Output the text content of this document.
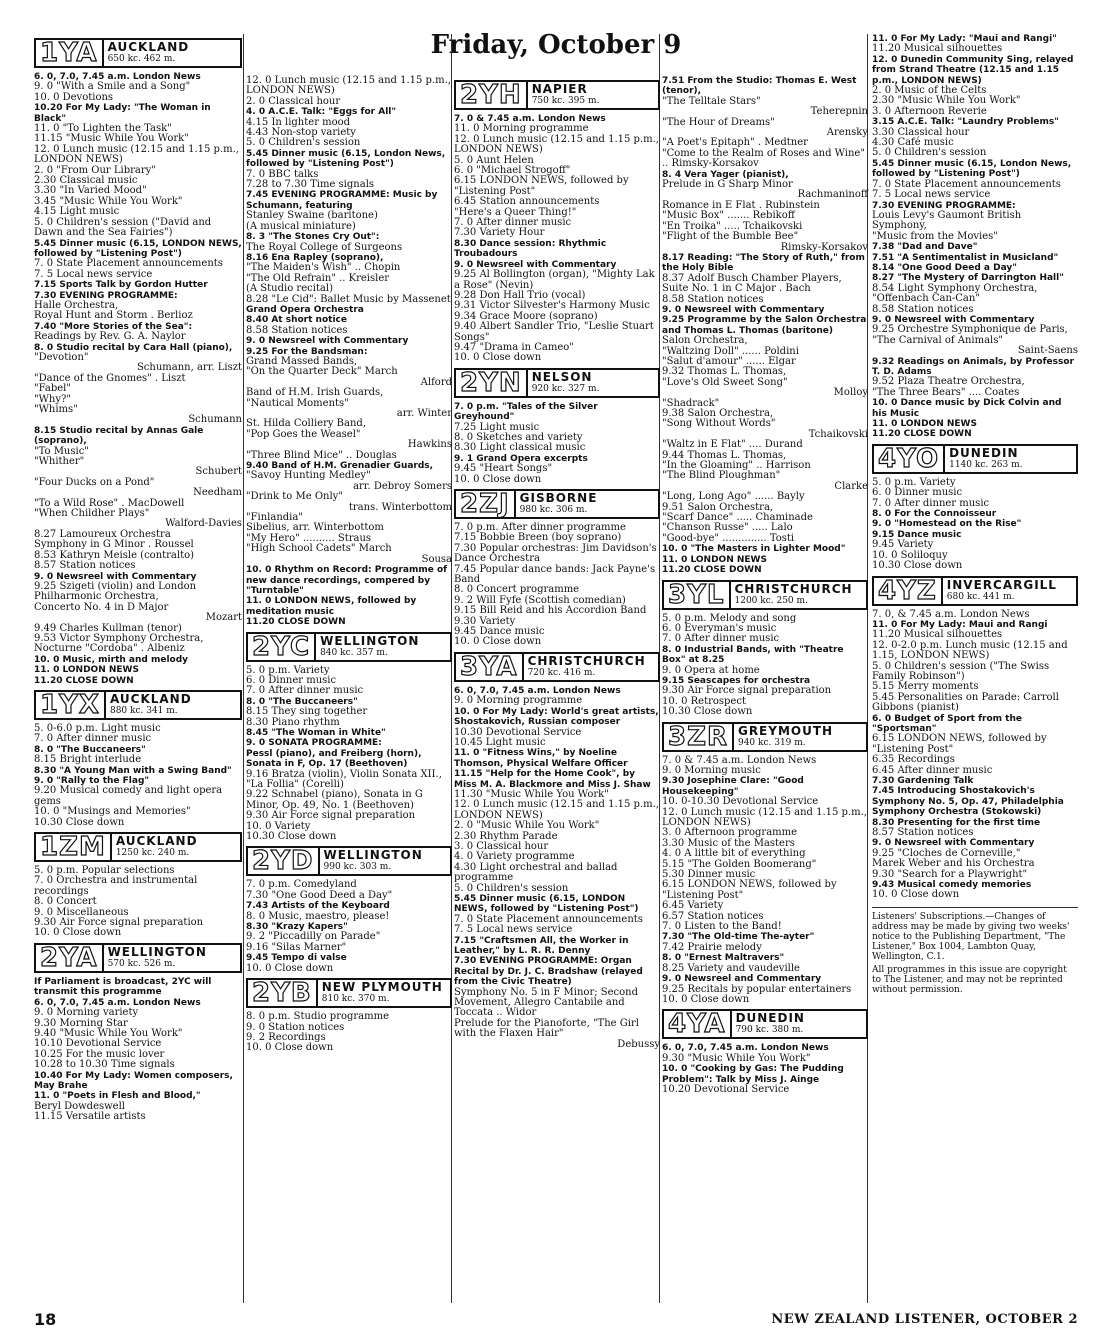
Friday, October 9
1YA AUCKLAND
650 kc. 462 m.
6. 0, 7.0, 7.45 a.m. London News
9. 0 "With a Smile and a Song"
10. 0 Devotions
10.20 For My Lady: "The Woman in Black"
11. 0 "To Lighten the Task"
11.15 "Music While You Work"
12. 0 Lunch music (12.15 and 1.15 p.m., LONDON NEWS)
2. 0 "From Our Library"
2.30 Classical music
3.30 "In Varied Mood"
3.45 "Music While You Work"
4.15 Light music
5. 0 Children's session ("David and Dawn and the Sea Fairies")
5.45 Dinner music (6.15, LONDON NEWS, followed by "Listening Post")
7. 0 State Placement announcements
7. 5 Local news service
7.15 Sports Talk by Gordon Hutter
7.30 EVENING PROGRAMME:
Halle Orchestra,
Royal Hunt and Storm . Berlioz
7.40 "More Stories of the Sea":
Readings by Rev. G. A. Naylor
8. 0 Studio recital by Cara Hall (piano),
"Devotion"
Schumann, arr. Liszt
"Dance of the Gnomes" . Liszt
"Fabel"
"Why?"
"Whims"
Schumann
8.15 Studio recital by Annas Gale (soprano),
"To Music"
"Whither"
Schubert
"Four Ducks on a Pond"
Needham
"To a Wild Rose" . MacDowell
"When Childher Plays"
Walford-Davies
8.27 Lamoureux Orchestra
Symphony in G Minor . Roussel
8.53 Kathryn Meisle (contralto)
8.57 Station notices
9. 0 Newsreel with Commentary
9.25 Szigeti (violin) and London Philharmonic Orchestra,
Concerto No. 4 in D Major
Mozart
9.49 Charles Kullman (tenor)
9.53 Victor Symphony Orchestra,
Nocturne "Cordoba" . Albeniz
10. 0 Music, mirth and melody
11. 0 LONDON NEWS
11.20 CLOSE DOWN
1YX AUCKLAND
880 kc. 341 m.
5. 0-6.0 p.m. Light music
7. 0 After dinner music
8. 0 "The Buccaneers"
8.15 Bright interlude
8.30 "A Young Man with a Swing Band"
9. 0 "Rally to the Flag"
9.20 Musical comedy and light opera gems
10. 0 "Musings and Memories"
10.30 Close down
1ZM AUCKLAND
1250 kc. 240 m.
5. 0 p.m. Popular selections
7. 0 Orchestra and instrumental recordings
8. 0 Concert
9. 0 Miscellaneous
9.30 Air Force signal preparation
10. 0 Close down
2YA WELLINGTON
570 kc. 526 m.
If Parliament is broadcast, 2YC will transmit this programme
6. 0, 7.0, 7.45 a.m. London News
9. 0 Morning variety
9.30 Morning Star
9.40 "Music While You Work"
10.10 Devotional Service
10.25 For the music lover
10.28 to 10.30 Time signals
10.40 For My Lady: Women composers, May Brahe
11. 0 "Poets in Flesh and Blood,"
Beryl Dowdeswell
11.15 Versatile artists
12. 0 Lunch music (12.15 and 1.15 p.m., LONDON NEWS)
2. 0 Classical hour
4. 0 A.C.E. Talk: "Eggs for All"
4.15 In lighter mood
4.43 Non-stop variety
5. 0 Children's session
5.45 Dinner music (6.15, London News, followed by "Listening Post")
7. 0 BBC talks
7.28 to 7.30 Time signals
7.45 EVENING PROGRAMME: Music by Schumann, featuring
Stanley Swaine (baritone)
(A musical miniature)
8. 3 "The Stones Cry Out":
The Royal College of Surgeons
8.16 Ena Rapley (soprano),
"The Maiden's Wish" .. Chopin
"The Old Refrain" .. Kreisler
(A Studio recital)
8.28 "Le Cid": Ballet Music by Massenet
Grand Opera Orchestra
8.40 At short notice
8.58 Station notices
9. 0 Newsreel with Commentary
9.25 For the Bandsman:
Grand Massed Bands,
"On the Quarter Deck" March
Alford
Band of H.M. Irish Guards,
"Nautical Moments"
arr. Winter
St. Hilda Colliery Band,
"Pop Goes the Weasel"
Hawkins
"Three Blind Mice" .. Douglas
9.40 Band of H.M. Grenadier Guards,
"Savoy Hunting Medley"
arr. Debroy Somers
"Drink to Me Only"
trans. Winterbottom
"Finlandia"
Sibelius, arr. Winterbottom
"My Hero" .......... Straus
"High School Cadets" March
Sousa
10. 0 Rhythm on Record: Programme of new dance recordings, compered by "Turntable"
11. 0 LONDON NEWS, followed by meditation music
11.20 CLOSE DOWN
2YC WELLINGTON
840 kc. 357 m.
5. 0 p.m. Variety
6. 0 Dinner music
7. 0 After dinner music
8. 0 "The Buccaneers"
8.15 They sing together
8.30 Piano rhythm
8.45 "The Woman in White"
9. 0 SONATA PROGRAMME:
Pessl (piano), and Freiberg (horn), Sonata in F, Op. 17 (Beethoven)
9.16 Bratza (violin), Violin Sonata XII., "La Follia" (Corelli)
9.22 Schnabel (piano), Sonata in G Minor, Op. 49, No. 1 (Beethoven)
9.30 Air Force signal preparation
10. 0 Variety
10.30 Close down
2YD WELLINGTON
990 kc. 303 m.
7. 0 p.m. Comedyland
7.30 "One Good Deed a Day"
7.43 Artists of the Keyboard
8. 0 Music, maestro, please!
8.30 "Krazy Kapers"
9. 2 "Piccadilly on Parade"
9.16 "Silas Marner"
9.45 Tempo di valse
10. 0 Close down
2YB NEW PLYMOUTH
810 kc. 370 m.
8. 0 p.m. Studio programme
9. 0 Station notices
9. 2 Recordings
10. 0 Close down
2YH NAPIER
750 kc. 395 m.
7. 0 & 7.45 a.m. London News
11. 0 Morning programme
12. 0 Lunch music (12.15 and 1.15 p.m., LONDON NEWS)
5. 0 Aunt Helen
6. 0 "Michael Strogoff"
6.15 LONDON NEWS, followed by "Listening Post"
6.45 Station announcements
"Here's a Queer Thing!"
7. 0 After dinner music
7.30 Variety Hour
8.30 Dance session: Rhythmic Troubadours
9. 0 Newsreel with Commentary
9.25 Al Bollington (organ), "Mighty Lak a Rose" (Nevin)
9.28 Don Hall Trio (vocal)
9.31 Victor Silvester's Harmony Music
9.34 Grace Moore (soprano)
9.40 Albert Sandler Trio, "Leslie Stuart Songs"
9.47 "Drama in Cameo"
10. 0 Close down
2YN NELSON
920 kc. 327 m.
7. 0 p.m. "Tales of the Silver Greyhound"
7.25 Light music
8. 0 Sketches and variety
8.30 Light classical music
9. 1 Grand Opera excerpts
9.45 "Heart Songs"
10. 0 Close down
2ZJ GISBORNE
980 kc. 306 m.
7. 0 p.m. After dinner programme
7.15 Bobbie Breen (boy soprano)
7.30 Popular orchestras: Jim Davidson's Dance Orchestra
7.45 Popular dance bands: Jack Payne's Band
8. 0 Concert programme
9. 2 Will Fyfe (Scottish comedian)
9.15 Bill Reid and his Accordion Band
9.30 Variety
9.45 Dance music
10. 0 Close down
3YA CHRISTCHURCH
720 kc. 416 m.
6. 0, 7.0, 7.45 a.m. London News
9. 0 Morning programme
10. 0 For My Lady: World's great artists, Shostakovich, Russian composer
10.30 Devotional Service
10.45 Light music
11. 0 "Fitness Wins," by Noeline Thomson, Physical Welfare Officer
11.15 "Help for the Home Cook", by Miss M. A. Blackmore and Miss J. Shaw
11.30 "Music While You Work"
12. 0 Lunch music (12.15 and 1.15 p.m., LONDON NEWS)
2. 0 "Music While You Work"
2.30 Rhythm Parade
3. 0 Classical hour
4. 0 Variety programme
4.30 Light orchestral and ballad programme
5. 0 Children's session
5.45 Dinner music (6.15, LONDON NEWS, followed by "Listening Post")
7. 0 State Placement announcements
7. 5 Local news service
7.15 "Craftsmen All, the Worker in Leather," by L. R. R. Denny
7.30 EVENING PROGRAMME: Organ Recital by Dr. J. C. Bradshaw (relayed from the Civic Theatre)
Symphony No. 5 in F Minor; Second Movement, Allegro Cantabile and Toccata .. Widor
Prelude for the Pianoforte, "The Girl with the Flaxen Hair"
Debussy
7.51 From the Studio: Thomas E. West (tenor),
"The Telltale Stars"
Teherepnin
"The Hour of Dreams"
Arensky
"A Poet's Epitaph" . Medtner
"Come to the Realm of Roses and Wine" .. Rimsky-Korsakov
8. 4 Vera Yager (pianist),
Prelude in G Sharp Minor
Rachmaninoff
Romance in E Flat . Rubinstein
"Music Box" ....... Rebikoff
"En Troika" ..... Tchaikovski
"Flight of the Bumble Bee"
Rimsky-Korsakov
8.17 Reading: "The Story of Ruth," from the Holy Bible
8.37 Adolf Busch Chamber Players,
Suite No. 1 in C Major . Bach
8.58 Station notices
9. 0 Newsreel with Commentary
9.25 Programme by the Salon Orchestra and Thomas L. Thomas (baritone)
Salon Orchestra,
"Waltzing Doll" ...... Poldini
"Salut d'amour" ...... Elgar
9.32 Thomas L. Thomas,
"Love's Old Sweet Song"
Molloy
"Shadrack"
9.38 Salon Orchestra,
"Song Without Words"
Tchaikovski
"Waltz in E Flat" .... Durand
9.44 Thomas L. Thomas,
"In the Gloaming" .. Harrison
"The Blind Ploughman"
Clarke
"Long, Long Ago" ...... Bayly
9.51 Salon Orchestra,
"Scarf Dance" ..... Chaminade
"Chanson Russe" ..... Lalo
"Good-bye" .............. Tosti
10. 0 "The Masters in Lighter Mood"
11. 0 LONDON NEWS
11.20 CLOSE DOWN
3YL CHRISTCHURCH
1200 kc. 250 m.
5. 0 p.m. Melody and song
6. 0 Everyman's music
7. 0 After dinner music
8. 0 Industrial Bands, with "Theatre Box" at 8.25
9. 0 Opera at home
9.15 Seascapes for orchestra
9.30 Air Force signal preparation
10. 0 Retrospect
10.30 Close down
3ZR GREYMOUTH
940 kc. 319 m.
7. 0 & 7.45 a.m. London News
9. 0 Morning music
9.30 Josephine Clare: "Good Housekeeping"
10. 0-10.30 Devotional Service
12. 0 Lunch music (12.15 and 1.15 p.m., LONDON NEWS)
3. 0 Afternoon programme
3.30 Music of the Masters
4. 0 A little bit of everything
5.15 "The Golden Boomerang"
5.30 Dinner music
6.15 LONDON NEWS, followed by "Listening Post"
6.45 Variety
6.57 Station notices
7. 0 Listen to the Band!
7.30 "The Old-time The-ayter"
7.42 Prairie melody
8. 0 "Ernest Maltravers"
8.25 Variety and vaudeville
9. 0 Newsreel and Commentary
9.25 Recitals by popular entertainers
10. 0 Close down
4YA DUNEDIN
790 kc. 380 m.
6. 0, 7.0, 7.45 a.m. London News
9.30 "Music While You Work"
10. 0 "Cooking by Gas: The Pudding Problem": Talk by Miss J. Ainge
10.20 Devotional Service
11. 0 For My Lady: "Maui and Rangi"
11.20 Musical silhouettes
12. 0 Dunedin Community Sing, relayed from Strand Theatre (12.15 and 1.15 p.m., LONDON NEWS)
2. 0 Music of the Celts
2.30 "Music While You Work"
3. 0 Afternoon Reverie
3.15 A.C.E. Talk: "Laundry Problems"
3.30 Classical hour
4.30 Café music
5. 0 Children's session
5.45 Dinner music (6.15, London News, followed by "Listening Post")
7. 0 State Placement announcements
7. 5 Local news service
7.30 EVENING PROGRAMME:
Louis Levy's Gaumont British Symphony,
"Music from the Movies"
7.38 "Dad and Dave"
7.51 "A Sentimentalist in Musicland"
8.14 "One Good Deed a Day"
8.27 "The Mystery of Darrington Hall"
8.54 Light Symphony Orchestra,
"Offenbach Can-Can"
8.58 Station notices
9. 0 Newsreel with Commentary
9.25 Orchestre Symphonique de Paris,
"The Carnival of Animals"
Saint-Saens
9.32 Readings on Animals, by Professor T. D. Adams
9.52 Plaza Theatre Orchestra,
"The Three Bears" .... Coates
10. 0 Dance music by Dick Colvin and his Music
11. 0 LONDON NEWS
11.20 CLOSE DOWN
4YO DUNEDIN
1140 kc. 263 m.
5. 0 p.m. Variety
6. 0 Dinner music
7. 0 After dinner music
8. 0 For the Connoisseur
9. 0 "Homestead on the Rise"
9.15 Dance music
9.45 Variety
10. 0 Soliloquy
10.30 Close down
4YZ INVERCARGILL
680 kc. 441 m.
7. 0, & 7.45 a.m. London News
11. 0 For My Lady: Maui and Rangi
11.20 Musical silhouettes
12. 0-2.0 p.m. Lunch music (12.15 and 1.15, LONDON NEWS)
5. 0 Children's session ("The Swiss Family Robinson")
5.15 Merry moments
5.45 Personalities on Parade: Carroll Gibbons (pianist)
6. 0 Budget of Sport from the "Sportsman"
6.15 LONDON NEWS, followed by "Listening Post"
6.35 Recordings
6.45 After dinner music
7.30 Gardening Talk
7.45 Introducing Shostakovich's Symphony No. 5, Op. 47, Philadelphia Symphony Orchestra (Stokowski)
8.30 Presenting for the first time
8.57 Station notices
9. 0 Newsreel with Commentary
9.25 "Cloches de Corneville,"
Marek Weber and his Orchestra
9.30 "Search for a Playwright"
9.43 Musical comedy memories
10. 0 Close down
Listeners' Subscriptions.—Changes of address may be made by giving two weeks' notice to the Publishing Department, "The Listener," Box 1004, Lambton Quay, Wellington, C.1.
All programmes in this issue are copyright to The Listener, and may not be reprinted without permission.
18	NEW ZEALAND LISTENER, OCTOBER 2
